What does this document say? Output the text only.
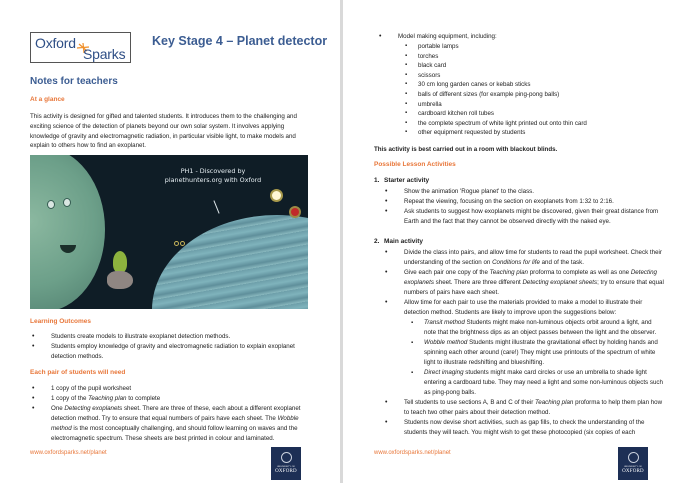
Oxford
Sparks
Key Stage 4 – Planet detector
Notes for teachers
At a glance
This activity is designed for gifted and talented students. It introduces them to the challenging and exciting science of the detection of planets beyond our own solar system. It involves applying knowledge of gravity and electromagnetic radiation, in particular visible light, to make models and explain to others how to find an exoplanet.
PH1 - Discovered by
planethunters.org with Oxford
Learning Outcomes
• Students create models to illustrate exoplanet detection methods.
• Students employ knowledge of gravity and electromagnetic radiation to explain exoplanet detection methods.
Each pair of students will need
• 1 copy of the pupil worksheet
• 1 copy of the Teaching plan to complete
• One Detecting exoplanets sheet. There are three of these, each about a different exoplanet detection method. Try to ensure that equal numbers of pairs have each sheet. The Wobble method is the most conceptually challenging, and should follow learning on waves and the electromagnetic spectrum. These sheets are best printed in colour and laminated.
www.oxfordsparks.net/planet
UNIVERSITY OF
OXFORD
• Model making equipment, including:
▪ portable lamps
▪ torches
▪ black card
▪ scissors
▪ 30 cm long garden canes or kebab sticks
▪ balls of different sizes (for example ping-pong balls)
▪ umbrella
▪ cardboard kitchen roll tubes
▪ the complete spectrum of white light printed out onto thin card
▪ other equipment requested by students
This activity is best carried out in a room with blackout blinds.
Possible Lesson Activities
1. Starter activity
• Show the animation 'Rogue planet' to the class.
• Repeat the viewing, focusing on the section on exoplanets from 1:32 to 2:16.
• Ask students to suggest how exoplanets might be discovered, given their great distance from Earth and the fact that they cannot be observed directly with the naked eye.
2. Main activity
• Divide the class into pairs, and allow time for students to read the pupil worksheet. Check their understanding of the section on Conditions for life and of the task.
• Give each pair one copy of the Teaching plan proforma to complete as well as one Detecting exoplanets sheet. There are three different Detecting exoplanet sheets; try to ensure that equal numbers of pairs have each sheet.
• Allow time for each pair to use the materials provided to make a model to illustrate their detection method. Students are likely to improve upon the suggestions below:
▪ Transit method Students might make non-luminous objects orbit around a light, and note that the brightness dips as an object passes between the light and the observer.
▪ Wobble method Students might illustrate the gravitational effect by holding hands and spinning each other around (care!) They might use printouts of the spectrum of white light to illustrate redshifting and blueshifting.
▪ Direct imaging students might make card circles or use an umbrella to shade light entering a cardboard tube. They may need a light and some non-luminous objects such as ping-pong balls.
• Tell students to use sections A, B and C of their Teaching plan proforma to help them plan how to teach two other pairs about their detection method.
• Students now devise short activities, such as gap fills, to check the understanding of the students they will teach. You might wish to get these photocopied (six copies of each
www.oxfordsparks.net/planet
UNIVERSITY OF
OXFORD
